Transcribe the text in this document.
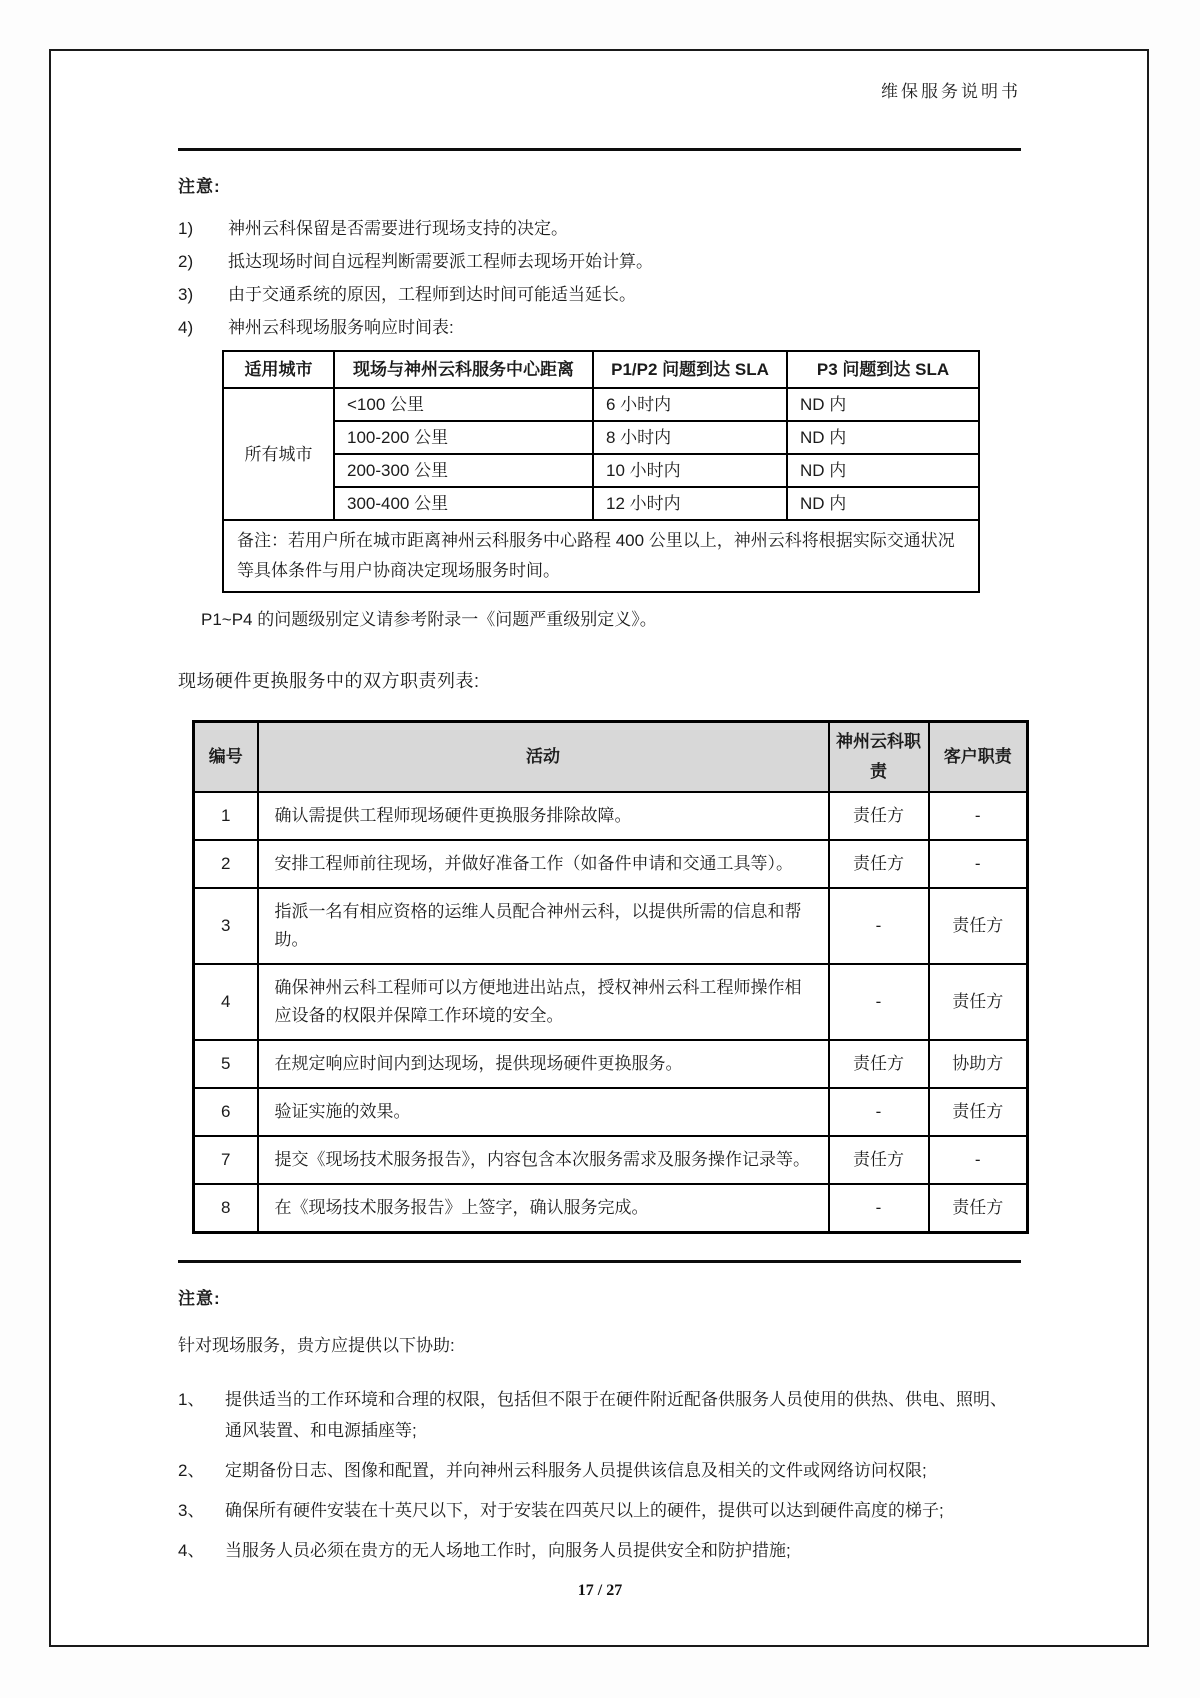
维保服务说明书
注意:
1)	神州云科保留是否需要进行现场支持的决定。
2)	抵达现场时间自远程判断需要派工程师去现场开始计算。
3)	由于交通系统的原因，工程师到达时间可能适当延长。
4)	神州云科现场服务响应时间表:
适用城市	现场与神州云科服务中心距离	P1/P2 问题到达 SLA	P3 问题到达 SLA
所有城市	<100 公里	6 小时内	ND 内
	100-200 公里	8 小时内	ND 内
	200-300 公里	10 小时内	ND 内
	300-400 公里	12 小时内	ND 内
备注：若用户所在城市距离神州云科服务中心路程 400 公里以上，神州云科将根据实际交通状况等具体条件与用户协商决定现场服务时间。			
P1~P4 的问题级别定义请参考附录一《问题严重级别定义》。
现场硬件更换服务中的双方职责列表:
编号	活动	神州云科职责	客户职责
1	确认需提供工程师现场硬件更换服务排除故障。	责任方	-
2	安排工程师前往现场，并做好准备工作（如备件申请和交通工具等）。	责任方	-
3	指派一名有相应资格的运维人员配合神州云科，以提供所需的信息和帮助。	-	责任方
4	确保神州云科工程师可以方便地进出站点，授权神州云科工程师操作相应设备的权限并保障工作环境的安全。	-	责任方
5	在规定响应时间内到达现场，提供现场硬件更换服务。	责任方	协助方
6	验证实施的效果。	-	责任方
7	提交《现场技术服务报告》，内容包含本次服务需求及服务操作记录等。	责任方	-
8	在《现场技术服务报告》上签字，确认服务完成。	-	责任方
注意:
针对现场服务，贵方应提供以下协助:
1、	提供适当的工作环境和合理的权限，包括但不限于在硬件附近配备供服务人员使用的供热、供电、照明、通风装置、和电源插座等;
2、	定期备份日志、图像和配置，并向神州云科服务人员提供该信息及相关的文件或网络访问权限;
3、	确保所有硬件安装在十英尺以下，对于安装在四英尺以上的硬件，提供可以达到硬件高度的梯子;
4、	当服务人员必须在贵方的无人场地工作时，向服务人员提供安全和防护措施;
17 / 27
